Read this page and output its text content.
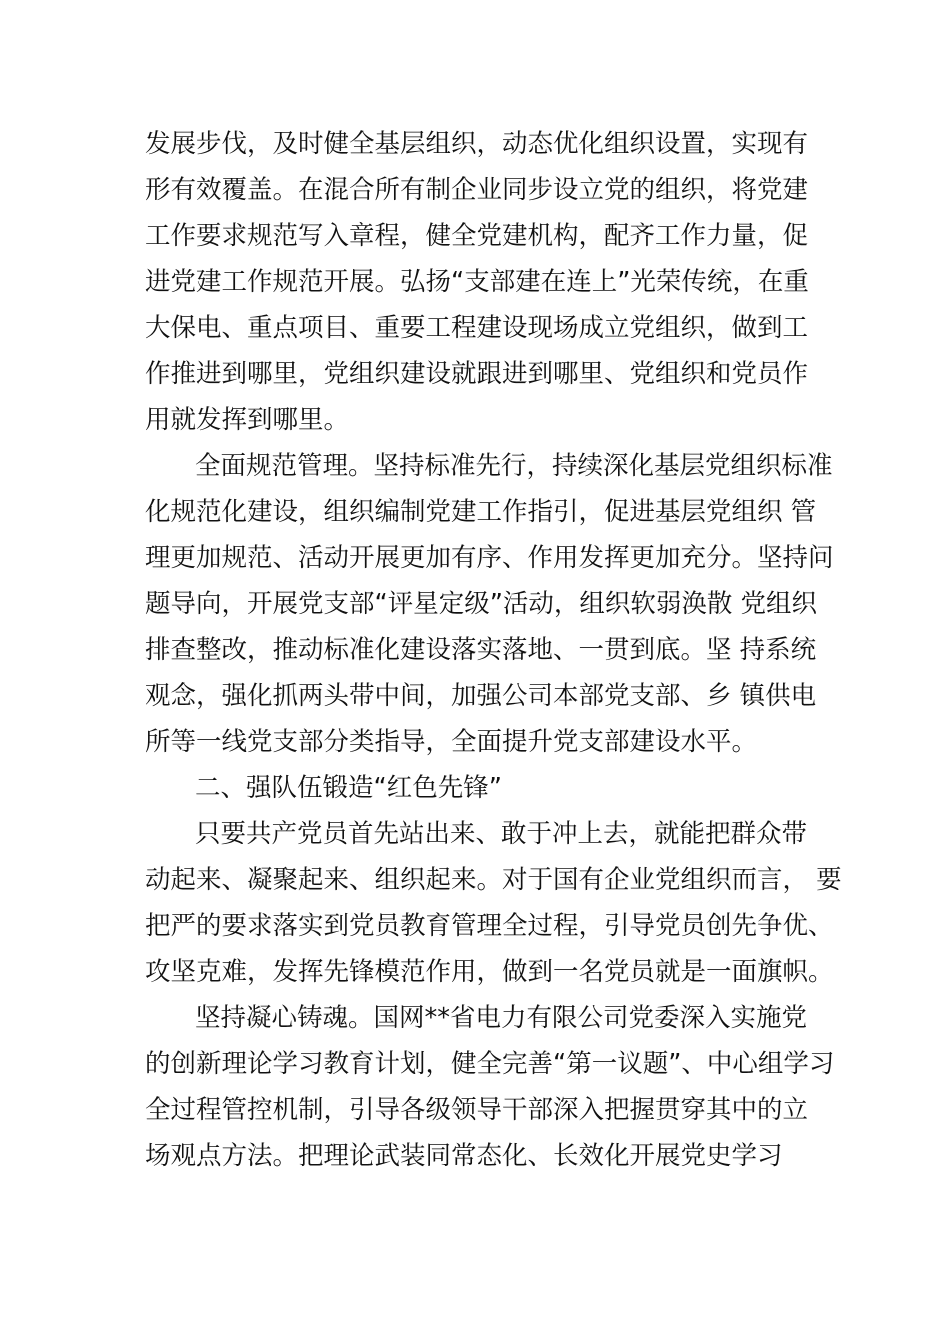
发展步伐，及时健全基层组织，动态优化组织设置，实现有
形有效覆盖。在混合所有制企业同步设立党的组织，将党建
工作要求规范写入章程，健全党建机构，配齐工作力量，促
进党建工作规范开展。弘扬“支部建在连上”光荣传统，在重
大保电、重点项目、重要工程建设现场成立党组织，做到工
作推进到哪里，党组织建设就跟进到哪里、党组织和党员作
用就发挥到哪里。
全面规范管理。坚持标准先行，持续深化基层党组织标准
化规范化建设，组织编制党建工作指引，促进基层党组织 管
理更加规范、活动开展更加有序、作用发挥更加充分。坚持问
题导向，开展党支部“评星定级”活动，组织软弱涣散 党组织
排查整改，推动标准化建设落实落地、一贯到底。坚 持系统
观念，强化抓两头带中间，加强公司本部党支部、乡 镇供电
所等一线党支部分类指导，全面提升党支部建设水平。
二、强队伍锻造“红色先锋”
只要共产党员首先站出来、敢于冲上去，就能把群众带
动起来、凝聚起来、组织起来。对于国有企业党组织而言， 要
把严的要求落实到党员教育管理全过程，引导党员创先争优、
攻坚克难，发挥先锋模范作用，做到一名党员就是一面旗帜。
坚持凝心铸魂。国网**省电力有限公司党委深入实施党
的创新理论学习教育计划，健全完善“第一议题”、中心组学习
全过程管控机制，引导各级领导干部深入把握贯穿其中的立
场观点方法。把理论武装同常态化、长效化开展党史学习
